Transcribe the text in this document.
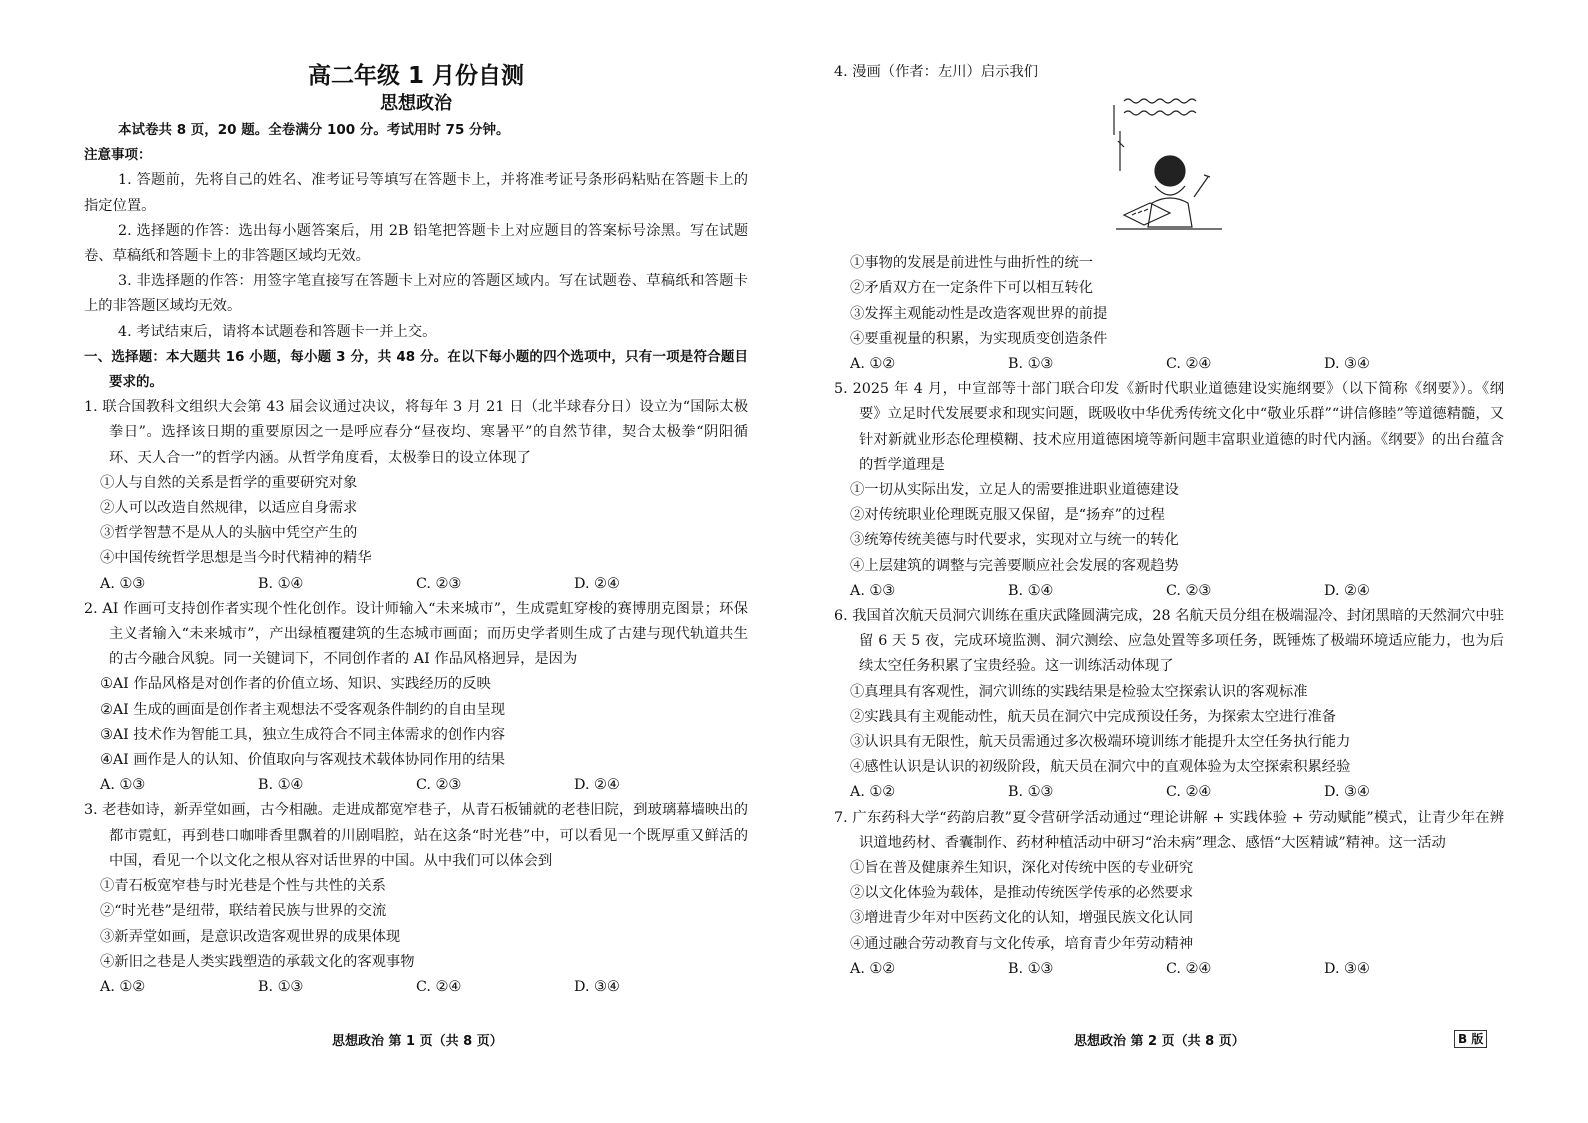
高二年级 1 月份自测
思想政治
本试卷共 8 页，20 题。全卷满分 100 分。考试用时 75 分钟。
注意事项：
1. 答题前，先将自己的姓名、准考证号等填写在答题卡上，并将准考证号条形码粘贴在答题卡上的指定位置。
2. 选择题的作答：选出每小题答案后，用 2B 铅笔把答题卡上对应题目的答案标号涂黑。写在试题卷、草稿纸和答题卡上的非答题区域均无效。
3. 非选择题的作答：用签字笔直接写在答题卡上对应的答题区域内。写在试题卷、草稿纸和答题卡上的非答题区域均无效。
4. 考试结束后，请将本试题卷和答题卡一并上交。
一、选择题：本大题共 16 小题，每小题 3 分，共 48 分。在以下每小题的四个选项中，只有一项是符合题目要求的。
1. 联合国教科文组织大会第 43 届会议通过决议，将每年 3 月 21 日（北半球春分日）设立为“国际太极拳日”。选择该日期的重要原因之一是呼应春分“昼夜均、寒暑平”的自然节律，契合太极拳“阴阳循环、天人合一”的哲学内涵。从哲学角度看，太极拳日的设立体现了
①人与自然的关系是哲学的重要研究对象
②人可以改造自然规律，以适应自身需求
③哲学智慧不是从人的头脑中凭空产生的
④中国传统哲学思想是当今时代精神的精华
A. ①③	B. ①④	C. ②③	D. ②④
2. AI 作画可支持创作者实现个性化创作。设计师输入“未来城市”，生成霓虹穿梭的赛博朋克图景；环保主义者输入“未来城市”，产出绿植覆建筑的生态城市画面；而历史学者则生成了古建与现代轨道共生的古今融合风貌。同一关键词下，不同创作者的 AI 作品风格迥异，是因为
①AI 作品风格是对创作者的价值立场、知识、实践经历的反映
②AI 生成的画面是创作者主观想法不受客观条件制约的自由呈现
③AI 技术作为智能工具，独立生成符合不同主体需求的创作内容
④AI 画作是人的认知、价值取向与客观技术载体协同作用的结果
A. ①③	B. ①④	C. ②③	D. ②④
3. 老巷如诗，新弄堂如画，古今相融。走进成都宽窄巷子，从青石板铺就的老巷旧院，到玻璃幕墙映出的都市霓虹，再到巷口咖啡香里飘着的川剧唱腔，站在这条“时光巷”中，可以看见一个既厚重又鲜活的中国，看见一个以文化之根从容对话世界的中国。从中我们可以体会到
①青石板宽窄巷与时光巷是个性与共性的关系
②“时光巷”是纽带，联结着民族与世界的交流
③新弄堂如画，是意识改造客观世界的成果体现
④新旧之巷是人类实践塑造的承载文化的客观事物
A. ①②	B. ①③	C. ②④	D. ③④
思想政治 第 1 页（共 8 页）
4. 漫画（作者：左川）启示我们
①事物的发展是前进性与曲折性的统一
②矛盾双方在一定条件下可以相互转化
③发挥主观能动性是改造客观世界的前提
④要重视量的积累，为实现质变创造条件
A. ①②	B. ①③	C. ②④	D. ③④
5. 2025 年 4 月，中宣部等十部门联合印发《新时代职业道德建设实施纲要》（以下简称《纲要》）。《纲要》立足时代发展要求和现实问题，既吸收中华优秀传统文化中“敬业乐群”“讲信修睦”等道德精髓，又针对新就业形态伦理模糊、技术应用道德困境等新问题丰富职业道德的时代内涵。《纲要》的出台蕴含的哲学道理是
①一切从实际出发，立足人的需要推进职业道德建设
②对传统职业伦理既克服又保留，是“扬弃”的过程
③统筹传统美德与时代要求，实现对立与统一的转化
④上层建筑的调整与完善要顺应社会发展的客观趋势
A. ①③	B. ①④	C. ②③	D. ②④
6. 我国首次航天员洞穴训练在重庆武隆圆满完成，28 名航天员分组在极端湿冷、封闭黑暗的天然洞穴中驻留 6 天 5 夜，完成环境监测、洞穴测绘、应急处置等多项任务，既锤炼了极端环境适应能力，也为后续太空任务积累了宝贵经验。这一训练活动体现了
①真理具有客观性，洞穴训练的实践结果是检验太空探索认识的客观标准
②实践具有主观能动性，航天员在洞穴中完成预设任务，为探索太空进行准备
③认识具有无限性，航天员需通过多次极端环境训练才能提升太空任务执行能力
④感性认识是认识的初级阶段，航天员在洞穴中的直观体验为太空探索积累经验
A. ①②	B. ①③	C. ②④	D. ③④
7. 广东药科大学“药韵启教”夏令营研学活动通过“理论讲解 + 实践体验 + 劳动赋能”模式，让青少年在辨识道地药材、香囊制作、药材种植活动中研习“治未病”理念、感悟“大医精诚”精神。这一活动
①旨在普及健康养生知识，深化对传统中医的专业研究
②以文化体验为载体，是推动传统医学传承的必然要求
③增进青少年对中医药文化的认知，增强民族文化认同
④通过融合劳动教育与文化传承，培育青少年劳动精神
A. ①②	B. ①③	C. ②④	D. ③④
思想政治 第 2 页（共 8 页）	B 版
